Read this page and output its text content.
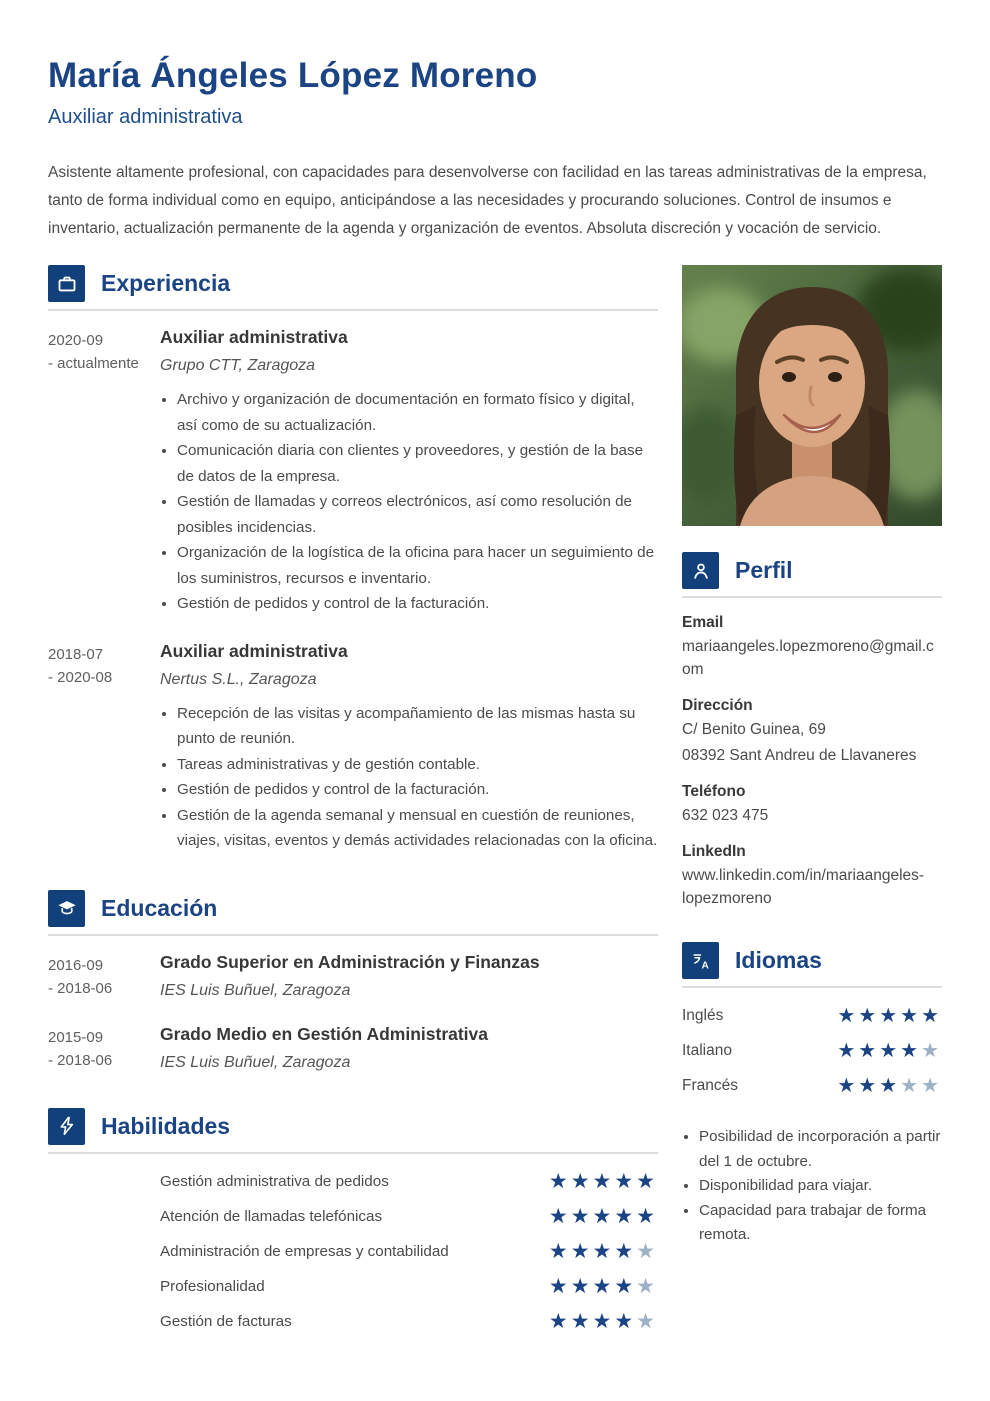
María Ángeles López Moreno
Auxiliar administrativa

Asistente altamente profesional, con capacidades para desenvolverse con facilidad en las tareas administrativas de la empresa, tanto de forma individual como en equipo, anticipándose a las necesidades y procurando soluciones. Control de insumos e inventario, actualización permanente de la agenda y organización de eventos. Absoluta discreción y vocación de servicio.

Experiencia
2020-09
- actualmente
Auxiliar administrativa
Grupo CTT, Zaragoza
• Archivo y organización de documentación en formato físico y digital, así como de su actualización.
• Comunicación diaria con clientes y proveedores, y gestión de la base de datos de la empresa.
• Gestión de llamadas y correos electrónicos, así como resolución de posibles incidencias.
• Organización de la logística de la oficina para hacer un seguimiento de los suministros, recursos e inventario.
• Gestión de pedidos y control de la facturación.
2018-07
- 2020-08
Auxiliar administrativa
Nertus S.L., Zaragoza
• Recepción de las visitas y acompañamiento de las mismas hasta su punto de reunión.
• Tareas administrativas y de gestión contable.
• Gestión de pedidos y control de la facturación.
• Gestión de la agenda semanal y mensual en cuestión de reuniones, viajes, visitas, eventos y demás actividades relacionadas con la oficina.
Educación
2016-09
- 2018-06
Grado Superior en Administración y Finanzas
IES Luis Buñuel, Zaragoza
2015-09
- 2018-06
Grado Medio en Gestión Administrativa
IES Luis Buñuel, Zaragoza
Habilidades
Gestión administrativa de pedidos	★★★★★
Atención de llamadas telefónicas	★★★★★
Administración de empresas y contabilidad	★★★★★
Profesionalidad	★★★★★
Gestión de facturas	★★★★★
Perfil
Email
mariaangeles.lopezmoreno@gmail.com
Dirección
C/ Benito Guinea, 69
08392 Sant Andreu de Llavaneres
Teléfono
632 023 475
LinkedIn
www.linkedin.com/in/mariaangeles-lopezmoreno
A Idiomas
Inglés	★★★★★
Italiano	★★★★★
Francés	★★★★★
• Posibilidad de incorporación a partir del 1 de octubre.
• Disponibilidad para viajar.
• Capacidad para trabajar de forma remota.
